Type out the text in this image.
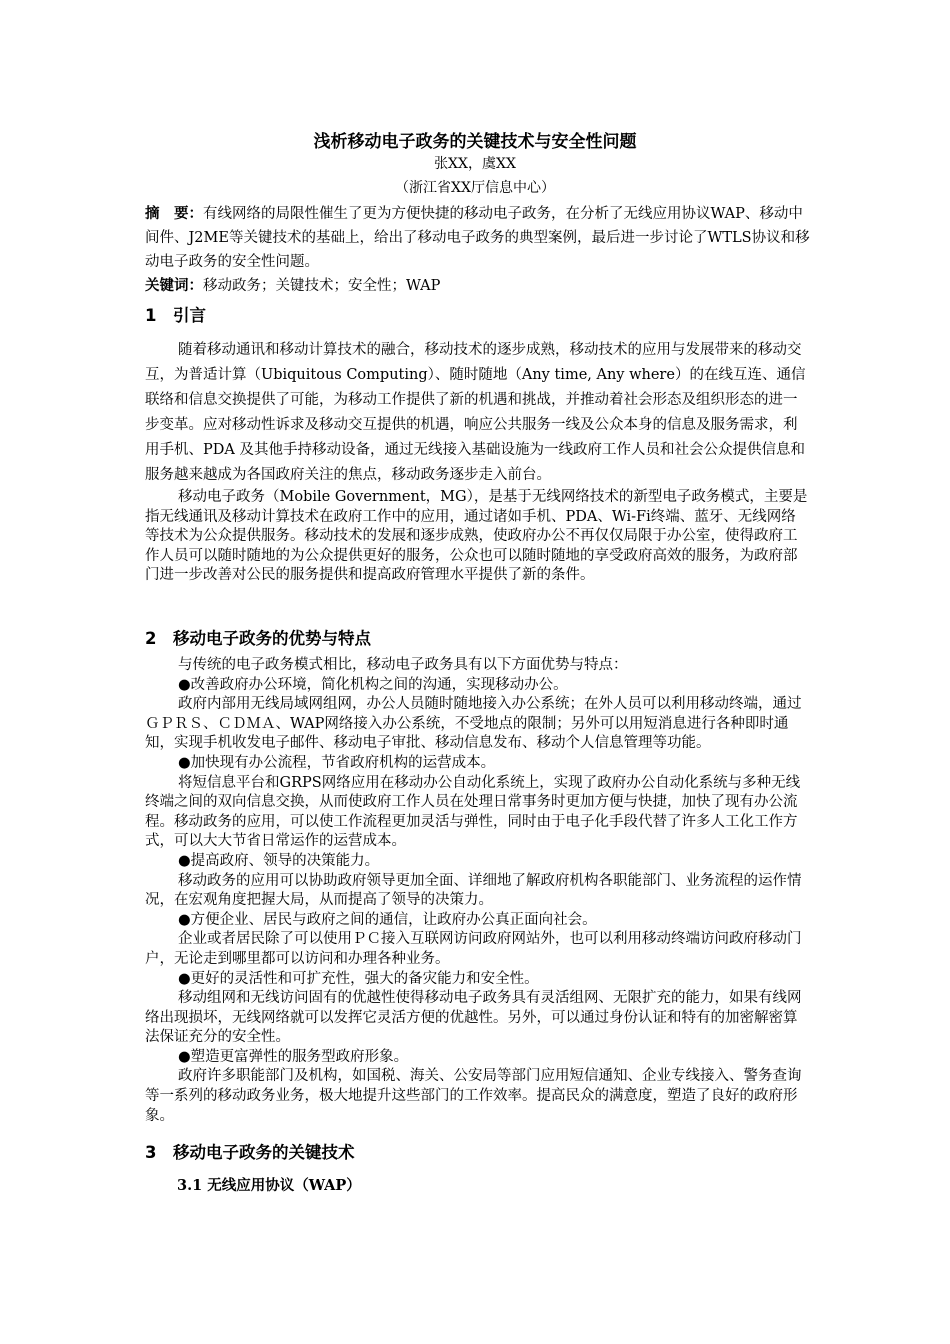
浅析移动电子政务的关键技术与安全性问题
张XX，虞XX
（浙江省XX厅信息中心）

摘　要：有线网络的局限性催生了更为方便快捷的移动电子政务，在分析了无线应用协议WAP、移动中间件、J2ME等关键技术的基础上，给出了移动电子政务的典型案例，最后进一步讨论了WTLS协议和移动电子政务的安全性问题。

关键词：移动政务；关键技术；安全性；WAP

1 引言

随着移动通讯和移动计算技术的融合，移动技术的逐步成熟，移动技术的应用与发展带来的移动交互，为普适计算（Ubiquitous Computing）、随时随地（Any time, Any where）的在线互连、通信联络和信息交换提供了可能，为移动工作提供了新的机遇和挑战，并推动着社会形态及组织形态的进一步变革。应对移动性诉求及移动交互提供的机遇，响应公共服务一线及公众本身的信息及服务需求，利用手机、PDA 及其他手持移动设备，通过无线接入基础设施为一线政府工作人员和社会公众提供信息和服务越来越成为各国政府关注的焦点，移动政务逐步走入前台。

移动电子政务（Mobile Government，MG），是基于无线网络技术的新型电子政务模式，主要是指无线通讯及移动计算技术在政府工作中的应用，通过诸如手机、PDA、Wi-Fi终端、蓝牙、无线网络等技术为公众提供服务。移动技术的发展和逐步成熟，使政府办公不再仅仅局限于办公室，使得政府工作人员可以随时随地的为公众提供更好的服务，公众也可以随时随地的享受政府高效的服务，为政府部门进一步改善对公民的服务提供和提高政府管理水平提供了新的条件。

2 移动电子政务的优势与特点

与传统的电子政务模式相比，移动电子政务具有以下方面优势与特点：

●改善政府办公环境，简化机构之间的沟通，实现移动办公。

政府内部用无线局域网组网，办公人员随时随地接入办公系统；在外人员可以利用移动终端，通过ＧＰＲＳ、ＣＤＭＡ、WAP网络接入办公系统，不受地点的限制；另外可以用短消息进行各种即时通知，实现手机收发电子邮件、移动电子审批、移动信息发布、移动个人信息管理等功能。

●加快现有办公流程，节省政府机构的运营成本。

将短信息平台和GRPS网络应用在移动办公自动化系统上，实现了政府办公自动化系统与多种无线终端之间的双向信息交换，从而使政府工作人员在处理日常事务时更加方便与快捷，加快了现有办公流程。移动政务的应用，可以使工作流程更加灵活与弹性，同时由于电子化手段代替了许多人工化工作方式，可以大大节省日常运作的运营成本。

●提高政府、领导的决策能力。

移动政务的应用可以协助政府领导更加全面、详细地了解政府机构各职能部门、业务流程的运作情况，在宏观角度把握大局，从而提高了领导的决策力。

●方便企业、居民与政府之间的通信，让政府办公真正面向社会。

企业或者居民除了可以使用ＰＣ接入互联网访问政府网站外，也可以利用移动终端访问政府移动门户，无论走到哪里都可以访问和办理各种业务。

●更好的灵活性和可扩充性，强大的备灾能力和安全性。

移动组网和无线访问固有的优越性使得移动电子政务具有灵活组网、无限扩充的能力，如果有线网络出现损坏，无线网络就可以发挥它灵活方便的优越性。另外，可以通过身份认证和特有的加密解密算法保证充分的安全性。

●塑造更富弹性的服务型政府形象。

政府许多职能部门及机构，如国税、海关、公安局等部门应用短信通知、企业专线接入、警务查询等一系列的移动政务业务，极大地提升这些部门的工作效率。提高民众的满意度，塑造了良好的政府形象。

3 移动电子政务的关键技术
3.1 无线应用协议（WAP）
